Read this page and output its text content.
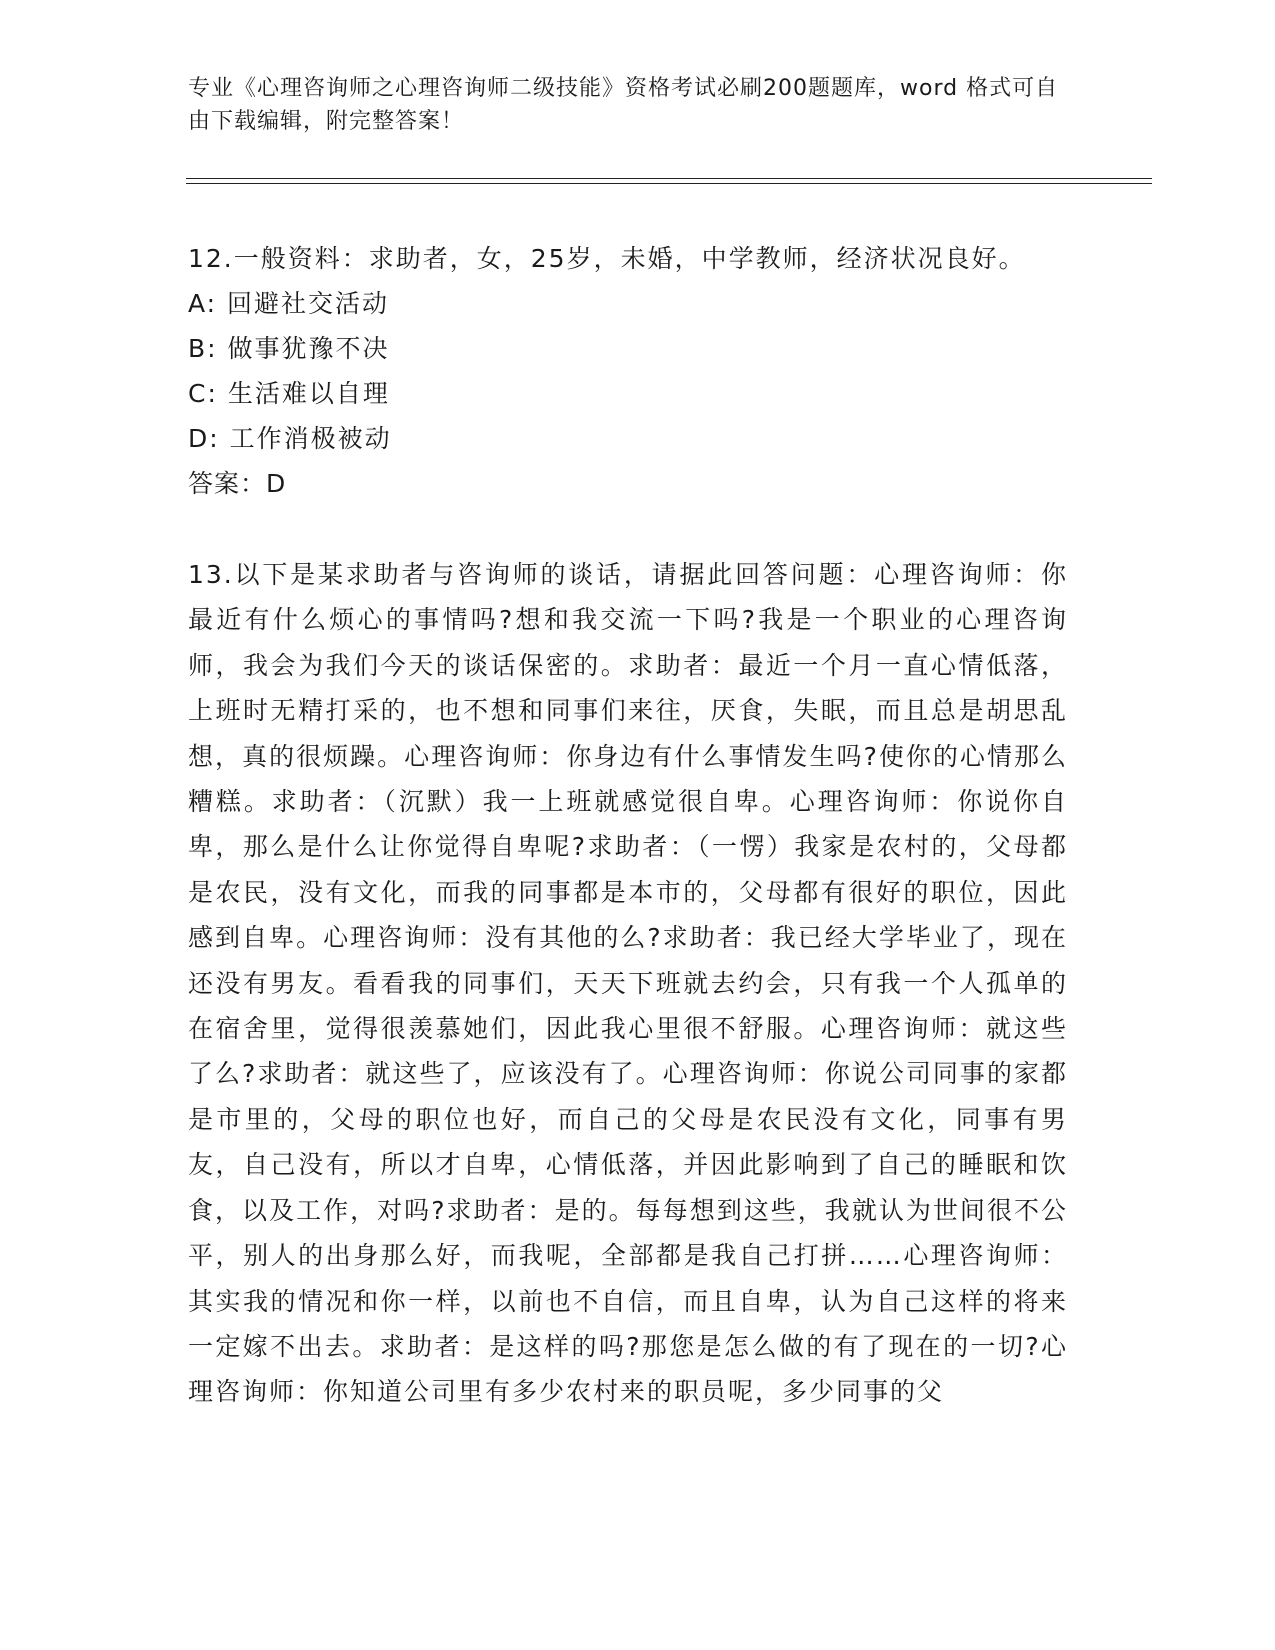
专业《心理咨询师之心理咨询师二级技能》资格考试必刷200题题库，word 格式可自由下载编辑，附完整答案！
12.一般资料：求助者，女，25岁，未婚，中学教师，经济状况良好。
A: 回避社交活动
B: 做事犹豫不决
C: 生活难以自理
D: 工作消极被动
答案：D
13.以下是某求助者与咨询师的谈话，请据此回答问题：心理咨询师：你最近有什么烦心的事情吗?想和我交流一下吗?我是一个职业的心理咨询师，我会为我们今天的谈话保密的。求助者：最近一个月一直心情低落，上班时无精打采的，也不想和同事们来往，厌食，失眠，而且总是胡思乱想，真的很烦躁。心理咨询师：你身边有什么事情发生吗?使你的心情那么糟糕。求助者：（沉默）我一上班就感觉很自卑。心理咨询师：你说你自卑，那么是什么让你觉得自卑呢?求助者：（一愣）我家是农村的，父母都是农民，没有文化，而我的同事都是本市的，父母都有很好的职位，因此感到自卑。心理咨询师：没有其他的么?求助者：我已经大学毕业了，现在还没有男友。看看我的同事们，天天下班就去约会，只有我一个人孤单的在宿舍里，觉得很羡慕她们，因此我心里很不舒服。心理咨询师：就这些了么?求助者：就这些了，应该没有了。心理咨询师：你说公司同事的家都是市里的，父母的职位也好，而自己的父母是农民没有文化，同事有男友，自己没有，所以才自卑，心情低落，并因此影响到了自己的睡眠和饮食，以及工作，对吗?求助者：是的。每每想到这些，我就认为世间很不公平，别人的出身那么好，而我呢，全部都是我自己打拼……心理咨询师：其实我的情况和你一样，以前也不自信，而且自卑，认为自己这样的将来一定嫁不出去。求助者：是这样的吗?那您是怎么做的有了现在的一切?心理咨询师：你知道公司里有多少农村来的职员呢，多少同事的父
